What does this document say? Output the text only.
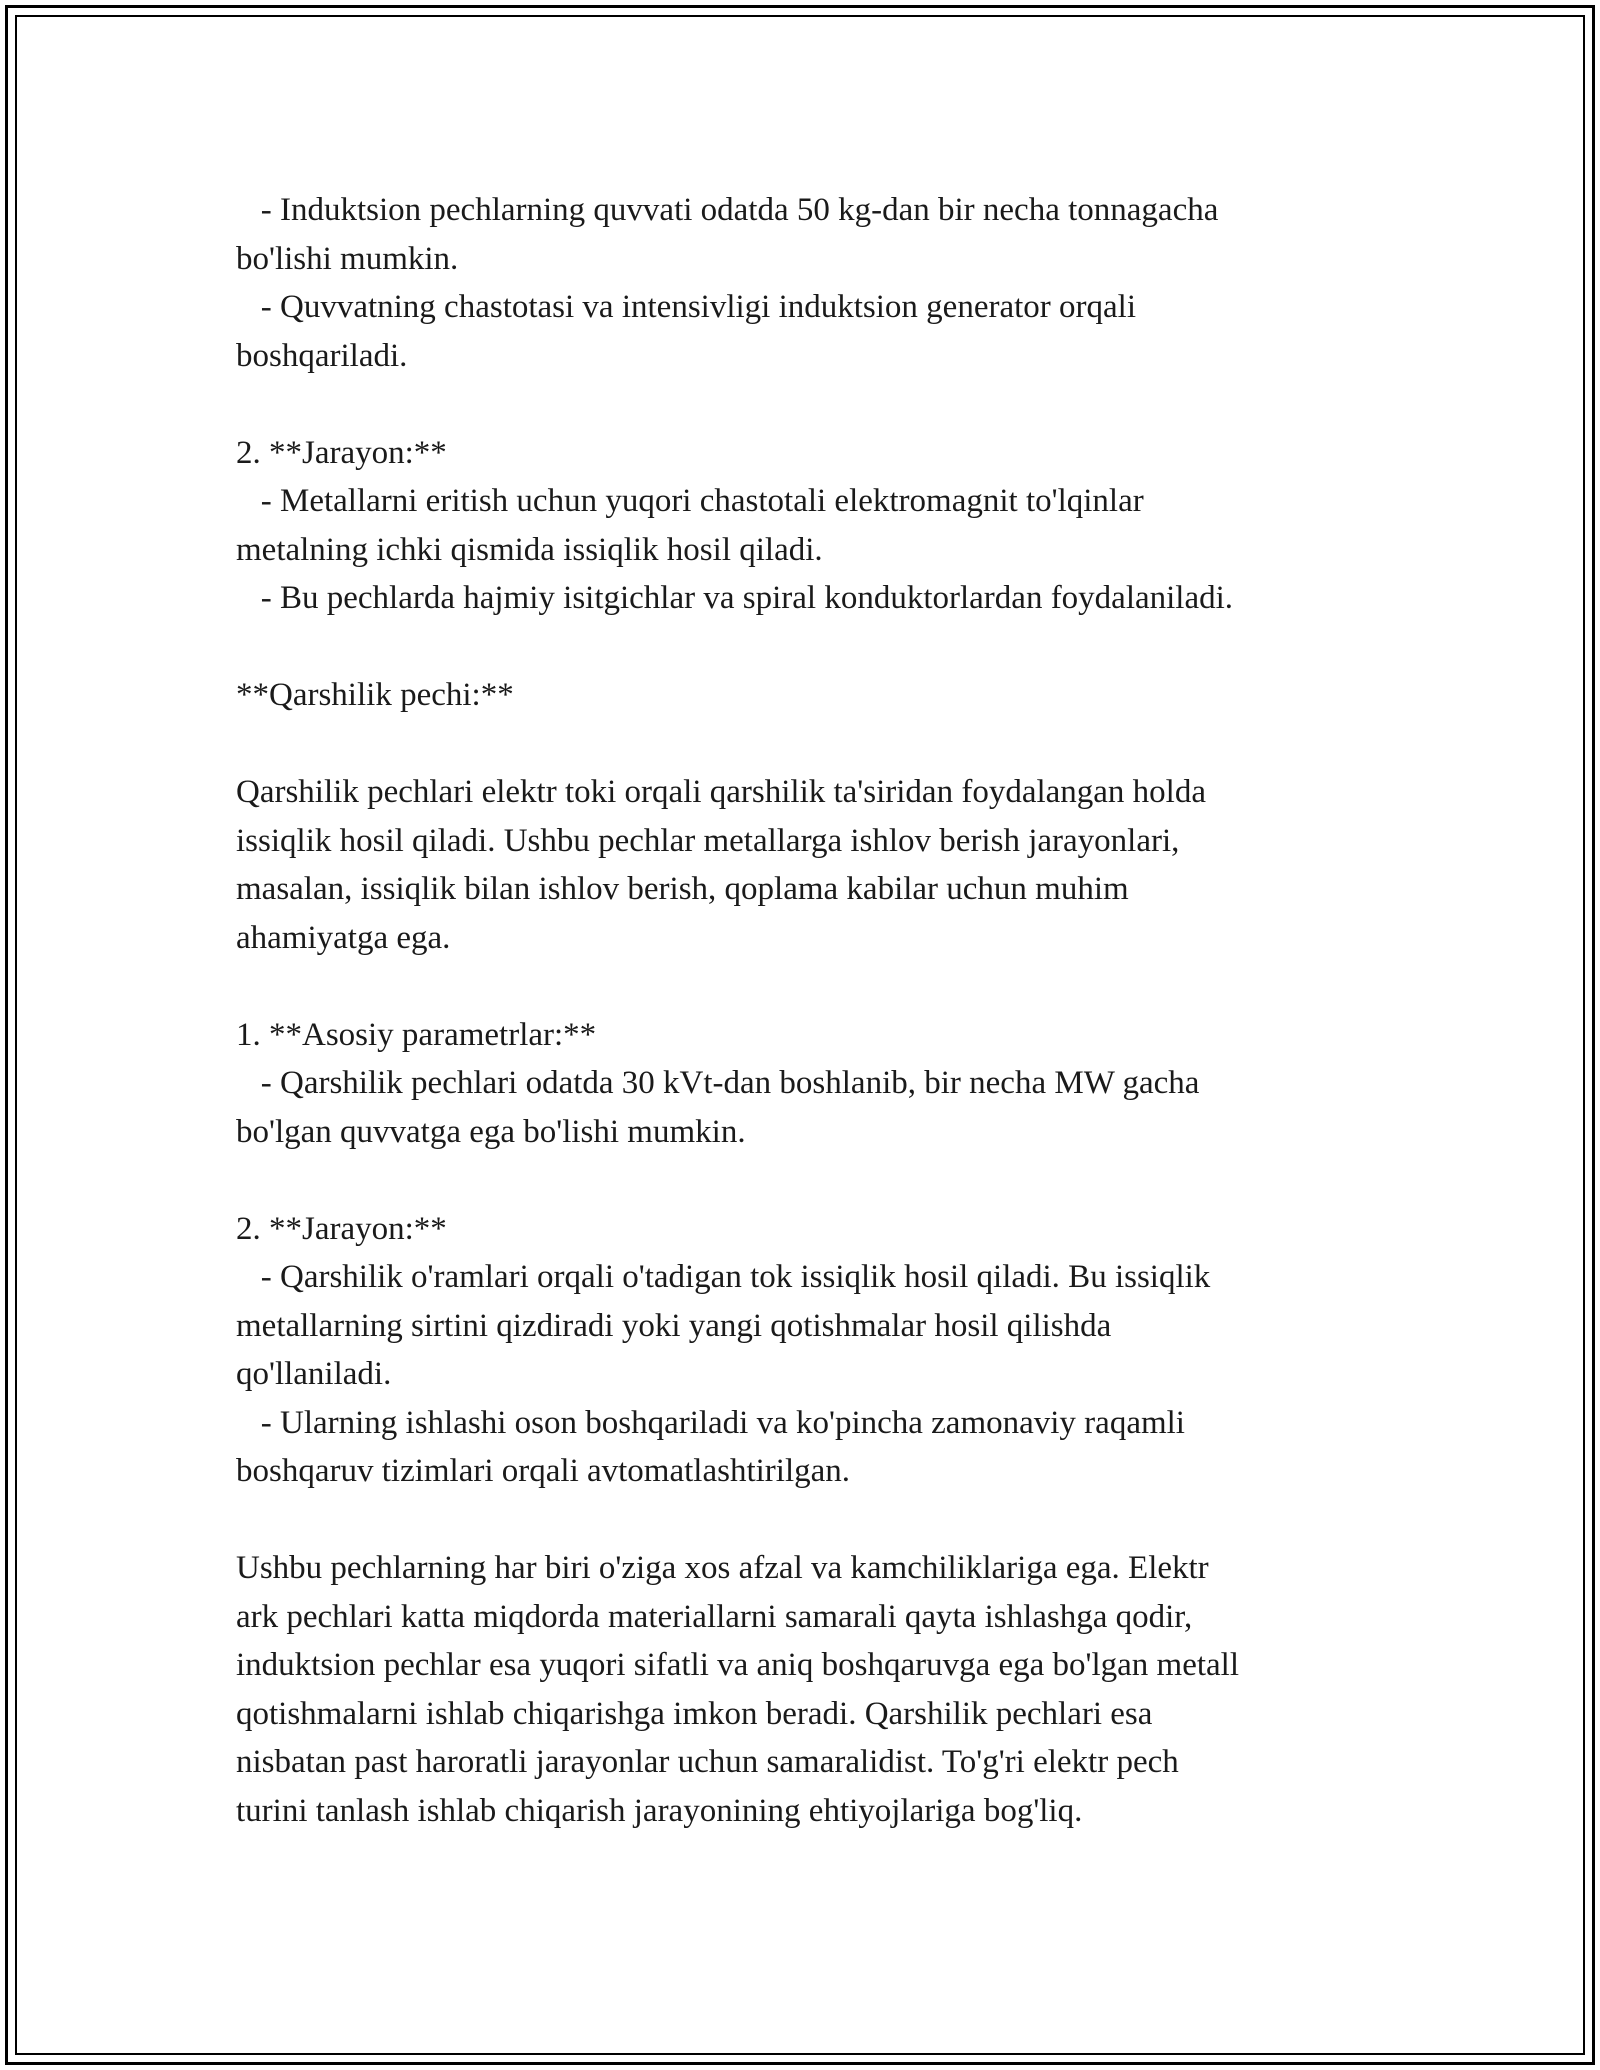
- Induktsion pechlarning quvvati odatda 50 kg-dan bir necha tonnagacha
bo'lishi mumkin.
- Quvvatning chastotasi va intensivligi induktsion generator orqali
boshqariladi.
2. **Jarayon:**
- Metallarni eritish uchun yuqori chastotali elektromagnit to'lqinlar
metalning ichki qismida issiqlik hosil qiladi.
- Bu pechlarda hajmiy isitgichlar va spiral konduktorlardan foydalaniladi.
**Qarshilik pechi:**
Qarshilik pechlari elektr toki orqali qarshilik ta'siridan foydalangan holda
issiqlik hosil qiladi. Ushbu pechlar metallarga ishlov berish jarayonlari,
masalan, issiqlik bilan ishlov berish, qoplama kabilar uchun muhim
ahamiyatga ega.
1. **Asosiy parametrlar:**
- Qarshilik pechlari odatda 30 kVt-dan boshlanib, bir necha MW gacha
bo'lgan quvvatga ega bo'lishi mumkin.
2. **Jarayon:**
- Qarshilik o'ramlari orqali o'tadigan tok issiqlik hosil qiladi. Bu issiqlik
metallarning sirtini qizdiradi yoki yangi qotishmalar hosil qilishda
qo'llaniladi.
- Ularning ishlashi oson boshqariladi va ko'pincha zamonaviy raqamli
boshqaruv tizimlari orqali avtomatlashtirilgan.
Ushbu pechlarning har biri o'ziga xos afzal va kamchiliklariga ega. Elektr
ark pechlari katta miqdorda materiallarni samarali qayta ishlashga qodir,
induktsion pechlar esa yuqori sifatli va aniq boshqaruvga ega bo'lgan metall
qotishmalarni ishlab chiqarishga imkon beradi. Qarshilik pechlari esa
nisbatan past haroratli jarayonlar uchun samaralidist. To'g'ri elektr pech
turini tanlash ishlab chiqarish jarayonining ehtiyojlariga bog'liq.
